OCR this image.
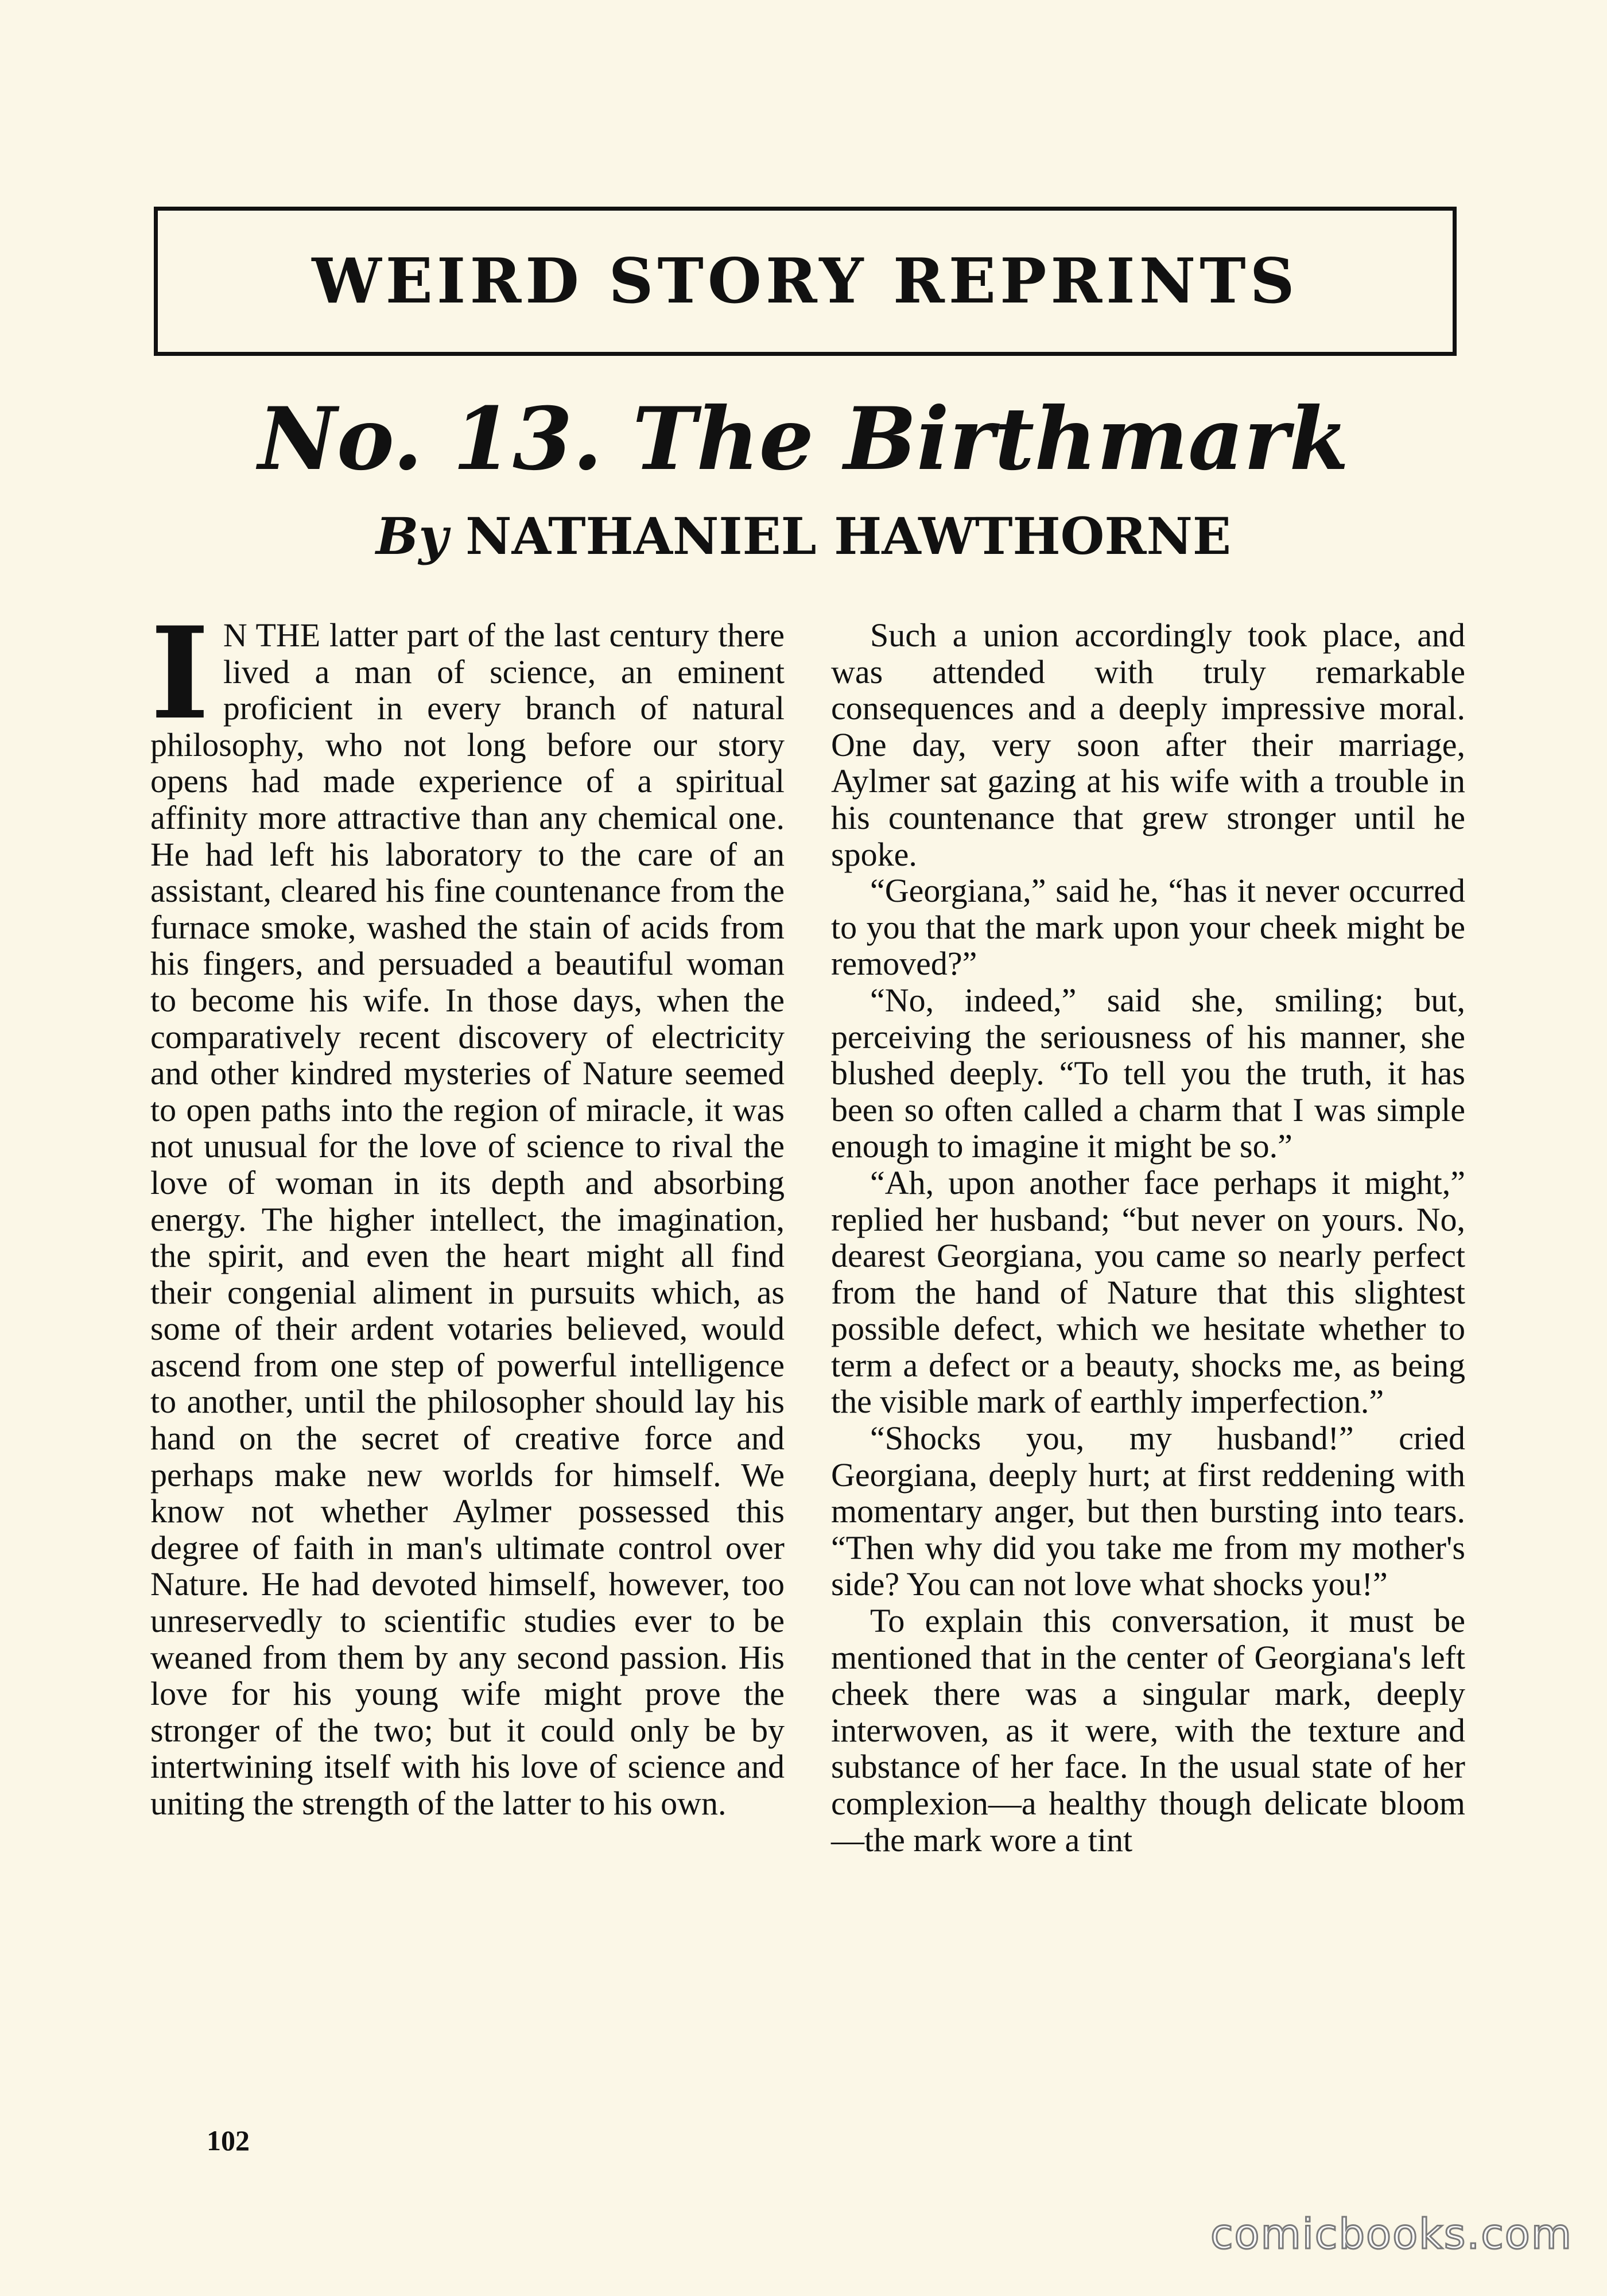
WEIRD STORY REPRINTS
No. 13. The Birthmark
By NATHANIEL HAWTHORNE
I N THE latter part of the last century there lived a man of science, an eminent proficient in every branch of natural philosophy, who not long before our story opens had made experience of a spiritual affinity more attractive than any chemical one. He had left his laboratory to the care of an assistant, cleared his fine countenance from the furnace smoke, washed the stain of acids from his fingers, and persuaded a beautiful woman to become his wife. In those days, when the comparatively recent discovery of electricity and other kindred mysteries of Nature seemed to open paths into the region of miracle, it was not unusual for the love of science to rival the love of woman in its depth and absorbing energy. The higher intellect, the imagination, the spirit, and even the heart might all find their congenial aliment in pursuits which, as some of their ardent votaries believed, would ascend from one step of powerful intelligence to another, until the philosopher should lay his hand on the secret of creative force and perhaps make new worlds for himself. We know not whether Aylmer possessed this degree of faith in man's ultimate control over Nature. He had devoted himself, however, too unreservedly to scientific studies ever to be weaned from them by any second passion. His love for his young wife might prove the stronger of the two; but it could only be by intertwining itself with his love of science and uniting the strength of the latter to his own.

Such a union accordingly took place, and was attended with truly remarkable consequences and a deeply impressive moral. One day, very soon after their marriage, Aylmer sat gazing at his wife with a trouble in his countenance that grew stronger until he spoke.

“Georgiana,” said he, “has it never occurred to you that the mark upon your cheek might be removed?”

“No, indeed,” said she, smiling; but, perceiving the seriousness of his manner, she blushed deeply. “To tell you the truth, it has been so often called a charm that I was simple enough to imagine it might be so.”

“Ah, upon another face perhaps it might,” replied her husband; “but never on yours. No, dearest Georgiana, you came so nearly perfect from the hand of Nature that this slightest possible defect, which we hesitate whether to term a defect or a beauty, shocks me, as being the visible mark of earthly imperfection.”

“Shocks you, my husband!” cried Georgiana, deeply hurt; at first reddening with momentary anger, but then bursting into tears. “Then why did you take me from my mother's side? You can not love what shocks you!”

To explain this conversation, it must be mentioned that in the center of Georgiana's left cheek there was a singular mark, deeply interwoven, as it were, with the texture and substance of her face. In the usual state of her complexion—a healthy though delicate bloom—the mark wore a tint

102
comicbooks.com
